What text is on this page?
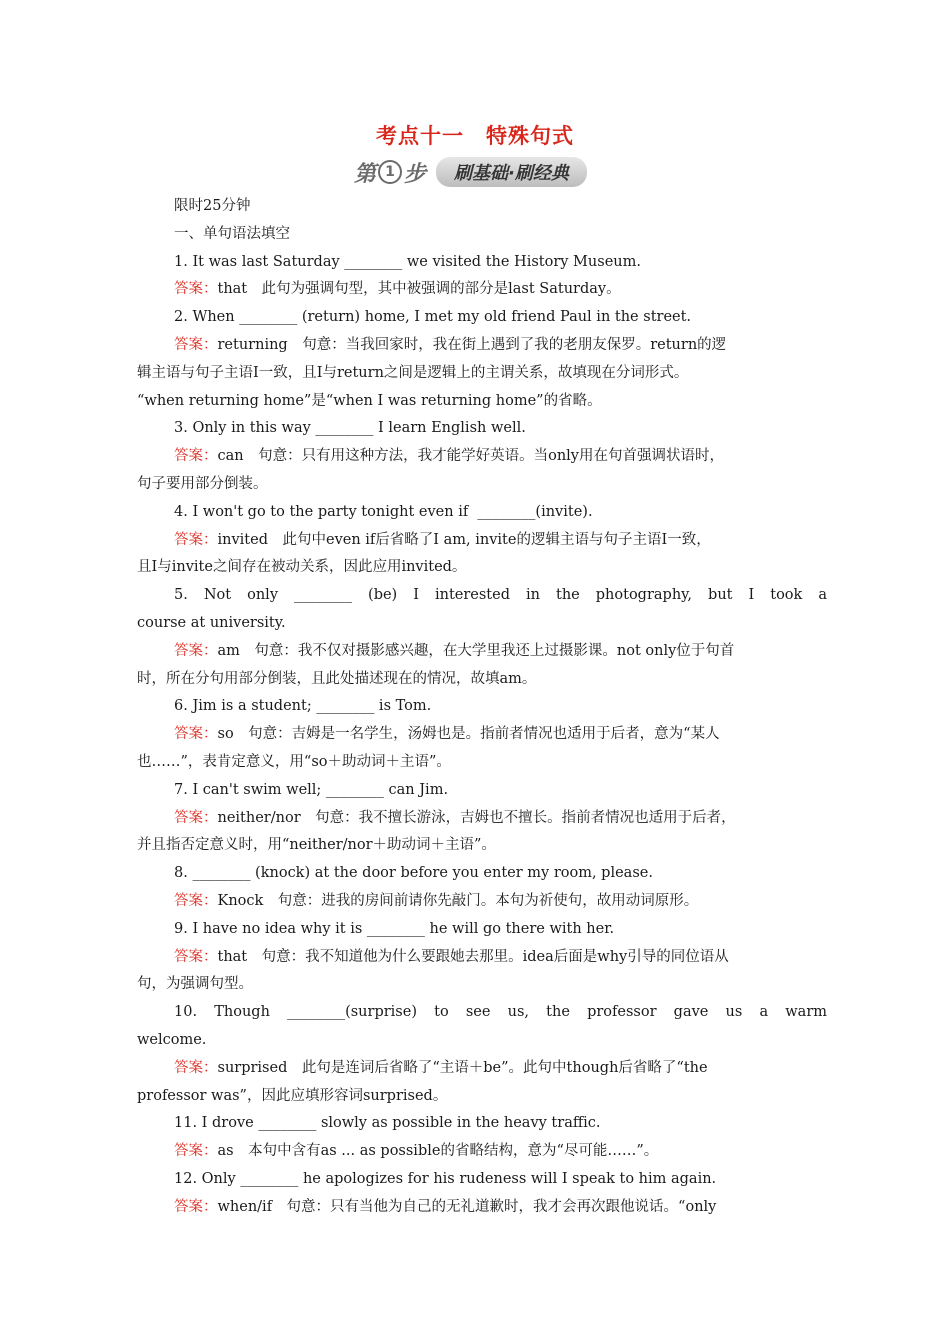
考点十一　特殊句式
第 1 步	刷基础·刷经典
限时25分钟
一、单句语法填空
1. It was last Saturday ________ we visited the History Museum.
答案：that　此句为强调句型，其中被强调的部分是last Saturday。
2. When ________ (return) home, I met my old friend Paul in the street.
答案：returning　句意：当我回家时，我在街上遇到了我的老朋友保罗。return的逻
辑主语与句子主语I一致，且I与return之间是逻辑上的主谓关系，故填现在分词形式。
“when returning home”是“when I was returning home”的省略。
3. Only in this way ________ I learn English well.
答案：can　句意：只有用这种方法，我才能学好英语。当only用在句首强调状语时，
句子要用部分倒装。
4. I won't go to the party tonight even if  ________(invite).
答案：invited　此句中even if后省略了I am, invite的逻辑主语与句子主语I一致，
且I与invite之间存在被动关系，因此应用invited。
5. Not only ________ (be) I interested in the photography, but I took a
course at university.
答案：am　句意：我不仅对摄影感兴趣，在大学里我还上过摄影课。not only位于句首
时，所在分句用部分倒装，且此处描述现在的情况，故填am。
6. Jim is a student; ________ is Tom.
答案：so　句意：吉姆是一名学生，汤姆也是。指前者情况也适用于后者，意为“某人
也……”，表肯定意义，用“so＋助动词＋主语”。
7. I can't swim well; ________ can Jim.
答案：neither/nor　句意：我不擅长游泳，吉姆也不擅长。指前者情况也适用于后者，
并且指否定意义时，用“neither/nor＋助动词＋主语”。
8. ________ (knock) at the door before you enter my room, please.
答案：Knock　句意：进我的房间前请你先敲门。本句为祈使句，故用动词原形。
9. I have no idea why it is ________ he will go there with her.
答案：that　句意：我不知道他为什么要跟她去那里。idea后面是why引导的同位语从
句，为强调句型。
10. Though ________(surprise) to see us, the professor gave us a warm
welcome.
答案：surprised　此句是连词后省略了“主语＋be”。此句中though后省略了“the
professor was”，因此应填形容词surprised。
11. I drove ________ slowly as possible in the heavy traffic.
答案：as　本句中含有as ... as possible的省略结构，意为“尽可能……”。
12. Only ________ he apologizes for his rudeness will I speak to him again.
答案：when/if　句意：只有当他为自己的无礼道歉时，我才会再次跟他说话。“only
